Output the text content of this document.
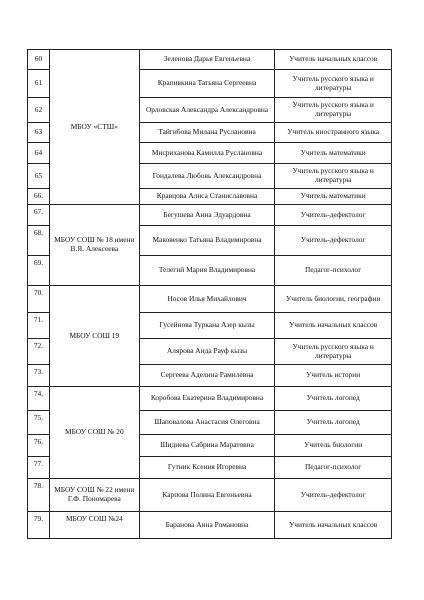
60	МБОУ «СТШ»	Зеленова Дарья Евгеньевна	Учитель начальных классов
61		Крапивкина Татьяна Сергеевна	Учитель русского языка и литературы
62		Орловская Александра Александровна	Учитель русского языка и литературы
63		Тайгибова Милана Руслановна	Учитель иностранного языка
64		Мисриханова Камилла Руслановна	Учитель математики
65		Гондалева Любовь Александровна	Учитель русского языка и литературы
66.		Кравцова Алиса Станиславовна	Учитель математики
67.	МБОУ СОШ № 18 имени В.Я. Алексеева	Бегушева Анна Эдуардовна	Учитель-дефектолог
68.		Маковенко Татьяна Владимировна	Учитель-дефектолог
69.		Телегий Мария Владимировна	Педагог-психолог
70.	МБОУ СОШ 19	Носов Илья Михайлович	Учитель биологии, географии
71.		Гусейнова Туркана Азер кызы	Учитель начальных классов
72.		Алярова Аида Рауф кызы	Учитель русского языка и литературы
73.		Сергеева Аделина Рамилевна	Учитель истории
74.	МБОУ СОШ № 20	Коробова Екатерина Владимировна	Учитель логопед
75.		Шаповалова Анастасия Олеговна	Учитель логопед
76.		Шидиева Сабрина Маратовна	Учитель биологии
77.		Гутник Ксения Игоревна	Педагог-психолог
78.	МБОУ СОШ № 22 имени Г.Ф. Пономарева	Карпова Полина Евгеньевна	Учитель-дефектолог
79.	МБОУ СОШ №24	Баранова Анна Романовна	Учитель начальных классов
